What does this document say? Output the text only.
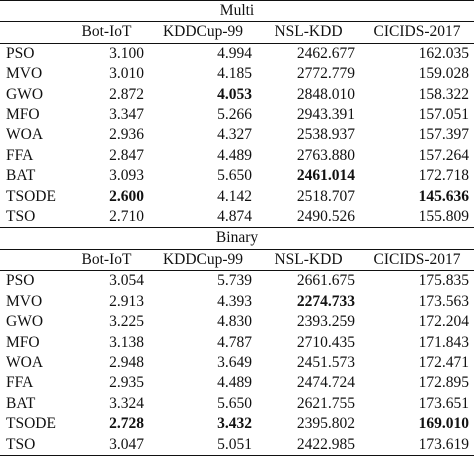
Multi				
	Bot-IoT	KDDCup-99	NSL-KDD	CICIDS-2017
PSO	3.100	4.994	2462.677	162.035
MVO	3.010	4.185	2772.779	159.028
GWO	2.872	4.053	2848.010	158.322
MFO	3.347	5.266	2943.391	157.051
WOA	2.936	4.327	2538.937	157.397
FFA	2.847	4.489	2763.880	157.264
BAT	3.093	5.650	2461.014	172.718
TSODE	2.600	4.142	2518.707	145.636
TSO	2.710	4.874	2490.526	155.809
Binary				
	Bot-IoT	KDDCup-99	NSL-KDD	CICIDS-2017
PSO	3.054	5.739	2661.675	175.835
MVO	2.913	4.393	2274.733	173.563
GWO	3.225	4.830	2393.259	172.204
MFO	3.138	4.787	2710.435	171.843
WOA	2.948	3.649	2451.573	172.471
FFA	2.935	4.489	2474.724	172.895
BAT	3.324	5.650	2621.755	173.651
TSODE	2.728	3.432	2395.802	169.010
TSO	3.047	5.051	2422.985	173.619
